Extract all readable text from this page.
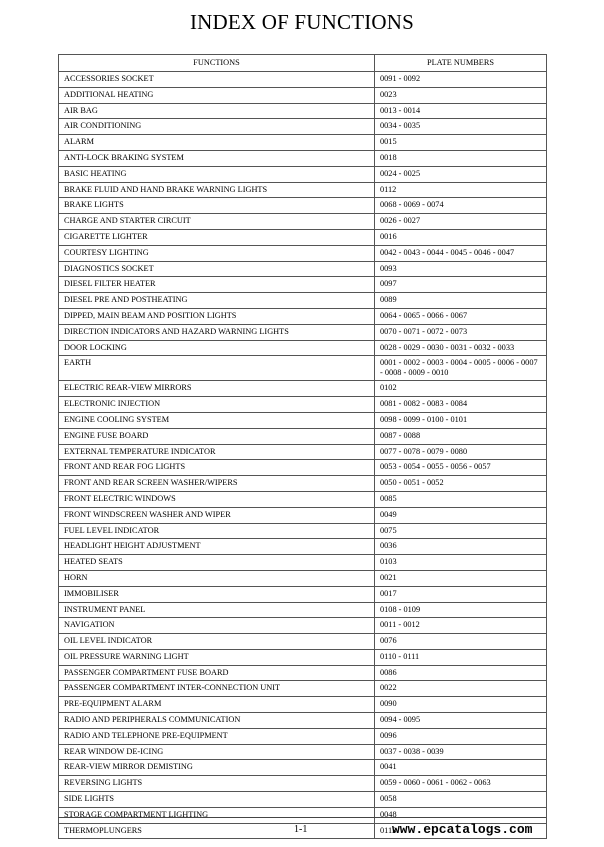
INDEX OF FUNCTIONS
FUNCTIONS	PLATE NUMBERS
ACCESSORIES SOCKET	0091 - 0092
ADDITIONAL HEATING	0023
AIR BAG	0013 - 0014
AIR CONDITIONING	0034 - 0035
ALARM	0015
ANTI-LOCK BRAKING SYSTEM	0018
BASIC HEATING	0024 - 0025
BRAKE FLUID AND HAND BRAKE WARNING LIGHTS	0112
BRAKE LIGHTS	0068 - 0069 - 0074
CHARGE AND STARTER CIRCUIT	0026 - 0027
CIGARETTE LIGHTER	0016
COURTESY LIGHTING	0042 - 0043 - 0044 - 0045 - 0046 - 0047
DIAGNOSTICS SOCKET	0093
DIESEL FILTER HEATER	0097
DIESEL PRE AND POSTHEATING	0089
DIPPED, MAIN BEAM AND POSITION LIGHTS	0064 - 0065 - 0066 - 0067
DIRECTION INDICATORS AND HAZARD WARNING LIGHTS	0070 - 0071 - 0072 - 0073
DOOR LOCKING	0028 - 0029 - 0030 - 0031 - 0032 - 0033
EARTH	0001 - 0002 - 0003 - 0004 - 0005 - 0006 - 0007 - 0008 - 0009 - 0010
ELECTRIC REAR-VIEW MIRRORS	0102
ELECTRONIC INJECTION	0081 - 0082 - 0083 - 0084
ENGINE COOLING SYSTEM	0098 - 0099 - 0100 - 0101
ENGINE FUSE BOARD	0087 - 0088
EXTERNAL TEMPERATURE INDICATOR	0077 - 0078 - 0079 - 0080
FRONT AND REAR FOG LIGHTS	0053 - 0054 - 0055 - 0056 - 0057
FRONT AND REAR SCREEN WASHER/WIPERS	0050 - 0051 - 0052
FRONT ELECTRIC WINDOWS	0085
FRONT WINDSCREEN WASHER AND WIPER	0049
FUEL LEVEL INDICATOR	0075
HEADLIGHT HEIGHT ADJUSTMENT	0036
HEATED SEATS	0103
HORN	0021
IMMOBILISER	0017
INSTRUMENT PANEL	0108 - 0109
NAVIGATION	0011 - 0012
OIL LEVEL INDICATOR	0076
OIL PRESSURE WARNING LIGHT	0110 - 0111
PASSENGER COMPARTMENT FUSE BOARD	0086
PASSENGER COMPARTMENT INTER-CONNECTION UNIT	0022
PRE-EQUIPMENT ALARM	0090
RADIO AND PERIPHERALS COMMUNICATION	0094 - 0095
RADIO AND TELEPHONE PRE-EQUIPMENT	0096
REAR WINDOW DE-ICING	0037 - 0038 - 0039
REAR-VIEW MIRROR DEMISTING	0041
REVERSING LIGHTS	0059 - 0060 - 0061 - 0062 - 0063
SIDE LIGHTS	0058
STORAGE COMPARTMENT LIGHTING	0048
THERMOPLUNGERS	0113
1-1	www.epcatalogs.com
